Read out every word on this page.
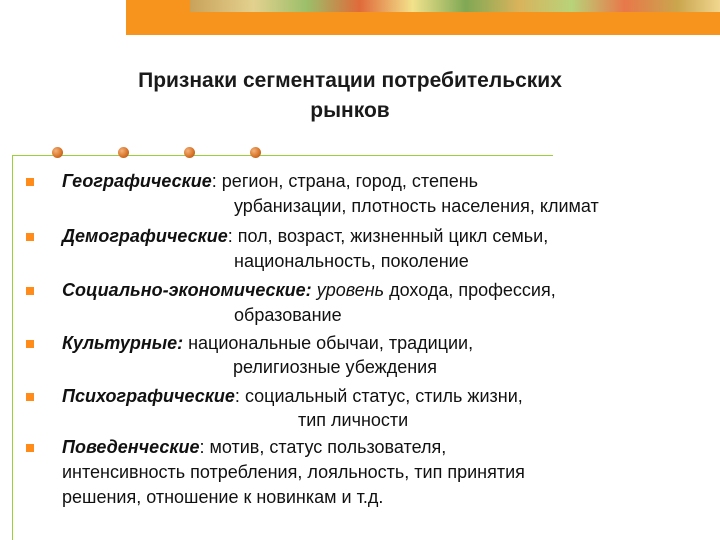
Признаки сегментации потребительских
рынков
Географические: регион, страна, город, степень
урбанизации, плотность населения, климат
Демографические: пол, возраст, жизненный цикл семьи,
национальность, поколение
Социально-экономические: уровень дохода, профессия,
образование
Культурные: национальные обычаи, традиции,
религиозные убеждения
Психографические: социальный статус, стиль жизни,
тип личности
Поведенческие: мотив, статус пользователя,
интенсивность потребления, лояльность, тип принятия
решения, отношение к новинкам и т.д.
